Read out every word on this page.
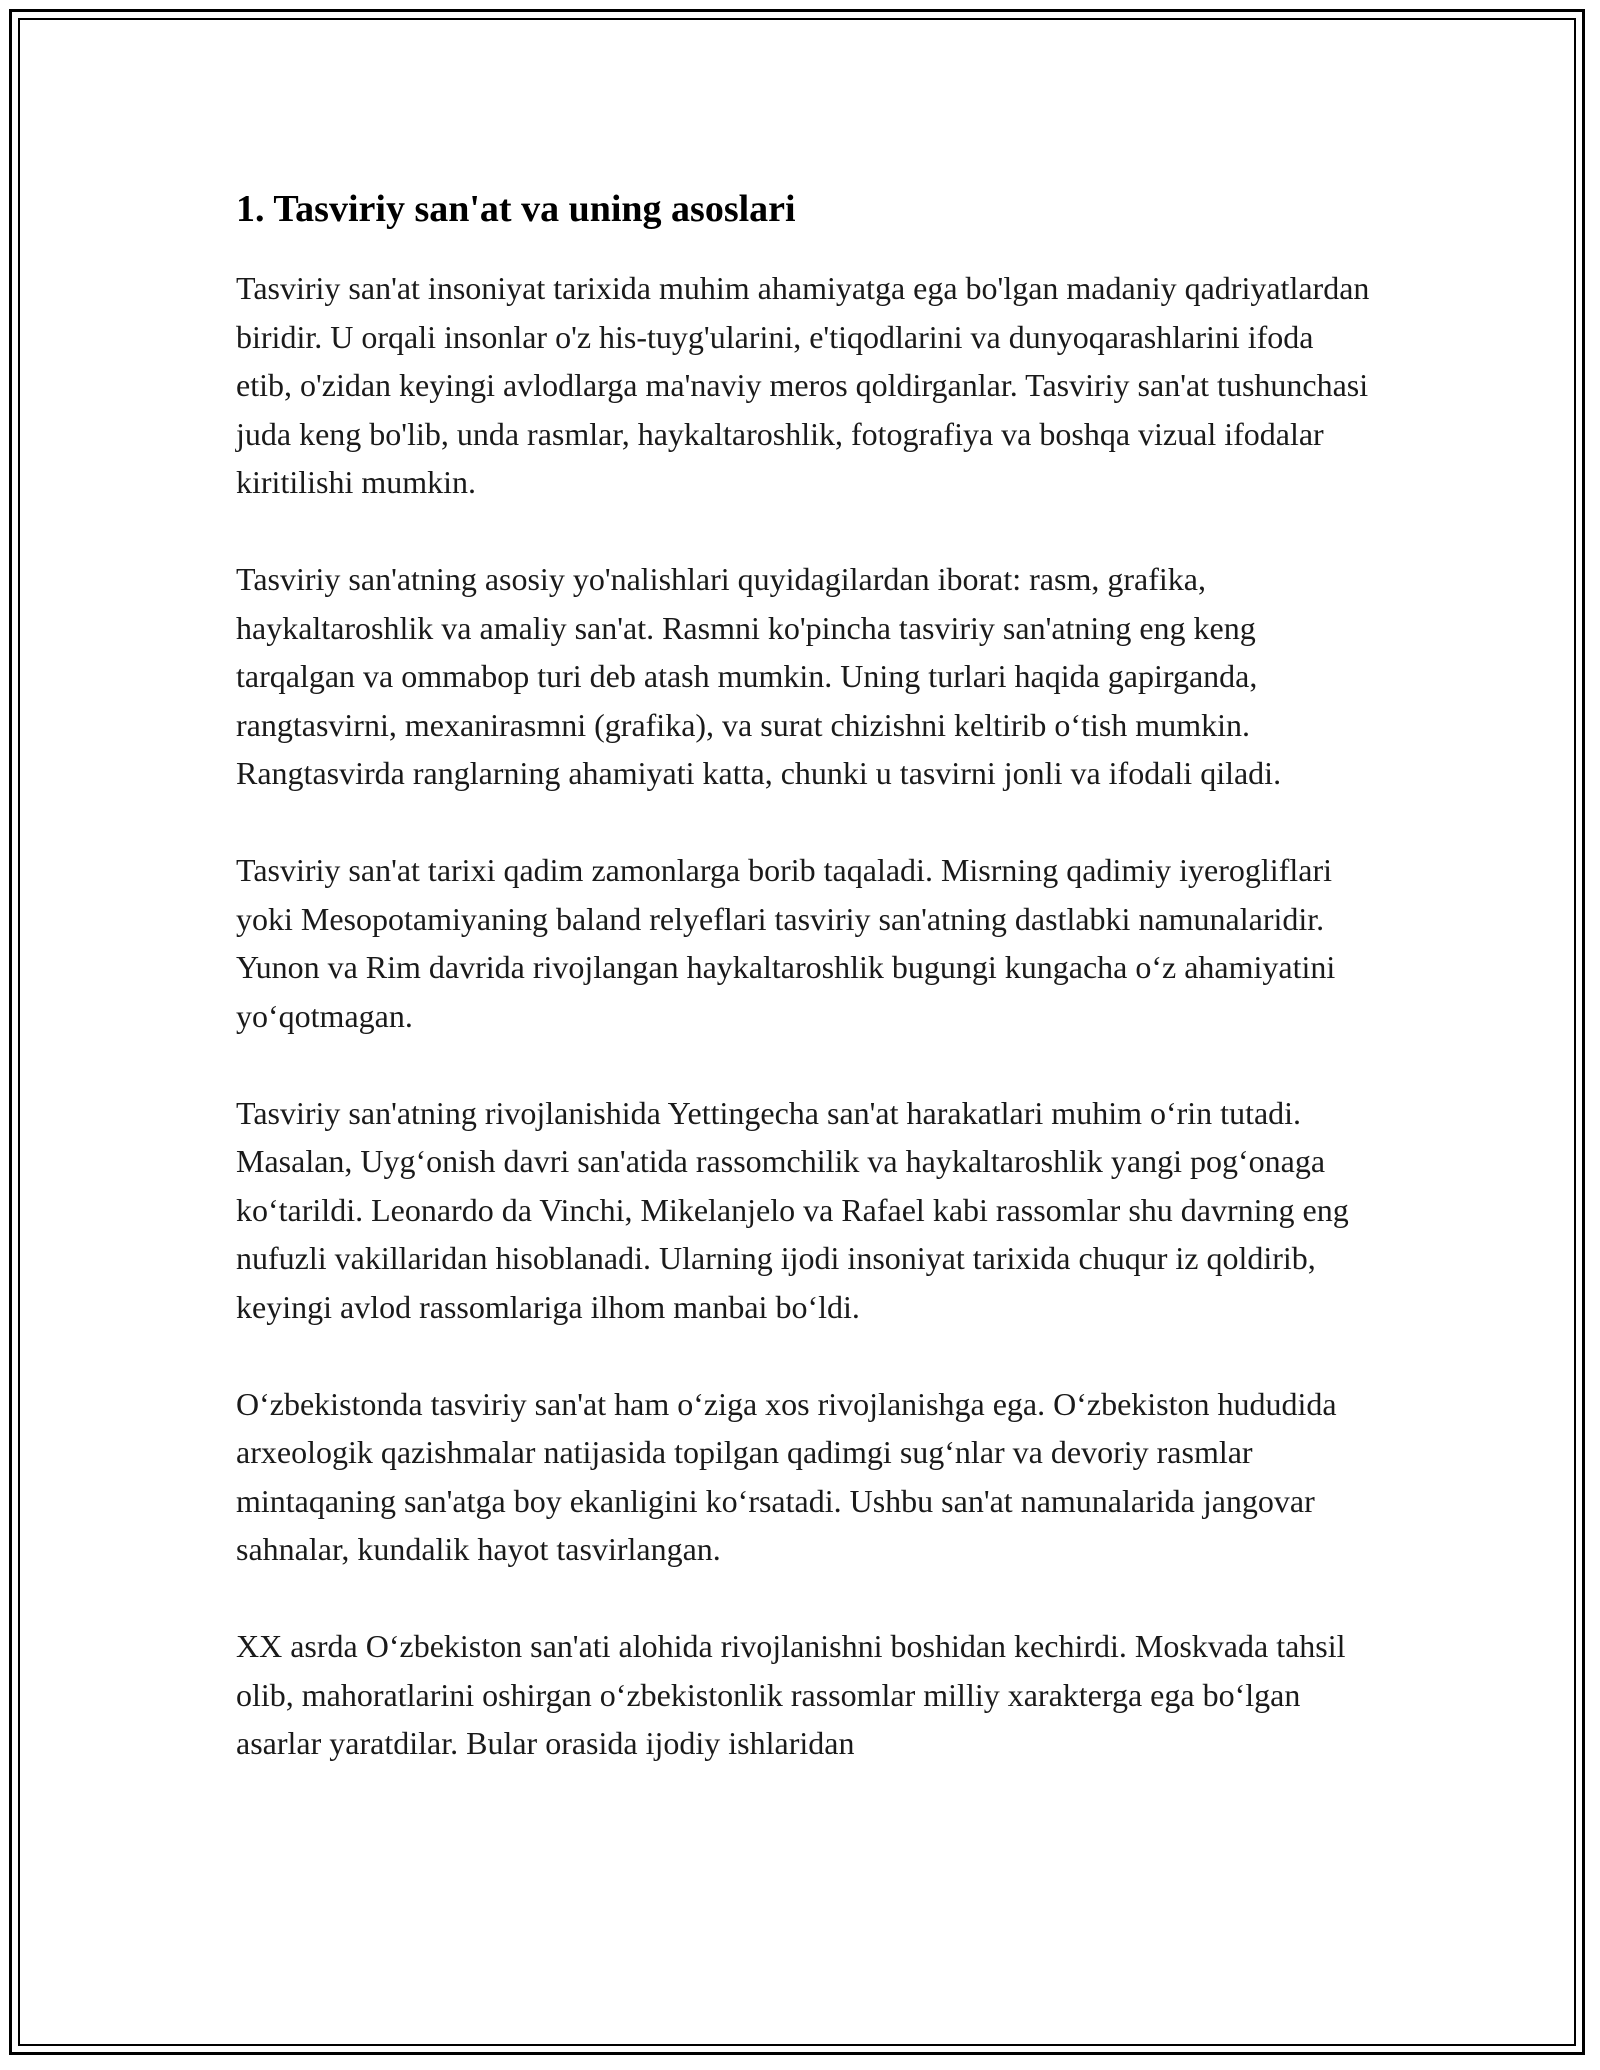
1. Tasviriy san'at va uning asoslari

Tasviriy san'at insoniyat tarixida muhim ahamiyatga ega bo'lgan madaniy qadriyatlardan biridir. U orqali insonlar o'z his-tuyg'ularini, e'tiqodlarini va dunyoqarashlarini ifoda etib, o'zidan keyingi avlodlarga ma'naviy meros qoldirganlar. Tasviriy san'at tushunchasi juda keng bo'lib, unda rasmlar, haykaltaroshlik, fotografiya va boshqa vizual ifodalar kiritilishi mumkin.

Tasviriy san'atning asosiy yo'nalishlari quyidagilardan iborat: rasm, grafika, haykaltaroshlik va amaliy san'at. Rasmni ko'pincha tasviriy san'atning eng keng tarqalgan va ommabop turi deb atash mumkin. Uning turlari haqida gapirganda, rangtasvirni, mexanirasmni (grafika), va surat chizishni keltirib o‘tish mumkin. Rangtasvirda ranglarning ahamiyati katta, chunki u tasvirni jonli va ifodali qiladi.

Tasviriy san'at tarixi qadim zamonlarga borib taqaladi. Misrning qadimiy iyerogliflari yoki Mesopotamiyaning baland relyeflari tasviriy san'atning dastlabki namunalaridir. Yunon va Rim davrida rivojlangan haykaltaroshlik bugungi kungacha o‘z ahamiyatini yo‘qotmagan.

Tasviriy san'atning rivojlanishida Yettingecha san'at harakatlari muhim o‘rin tutadi. Masalan, Uyg‘onish davri san'atida rassomchilik va haykaltaroshlik yangi pog‘onaga ko‘tarildi. Leonardo da Vinchi, Mikelanjelo va Rafael kabi rassomlar shu davrning eng nufuzli vakillaridan hisoblanadi. Ularning ijodi insoniyat tarixida chuqur iz qoldirib, keyingi avlod rassomlariga ilhom manbai bo‘ldi.

O‘zbekistonda tasviriy san'at ham o‘ziga xos rivojlanishga ega. O‘zbekiston hududida arxeologik qazishmalar natijasida topilgan qadimgi sug‘nlar va devoriy rasmlar mintaqaning san'atga boy ekanligini ko‘rsatadi. Ushbu san'at namunalarida jangovar sahnalar, kundalik hayot tasvirlangan.

XX asrda O‘zbekiston san'ati alohida rivojlanishni boshidan kechirdi. Moskvada tahsil olib, mahoratlarini oshirgan o‘zbekistonlik rassomlar milliy xarakterga ega bo‘lgan asarlar yaratdilar. Bular orasida ijodiy ishlaridan
